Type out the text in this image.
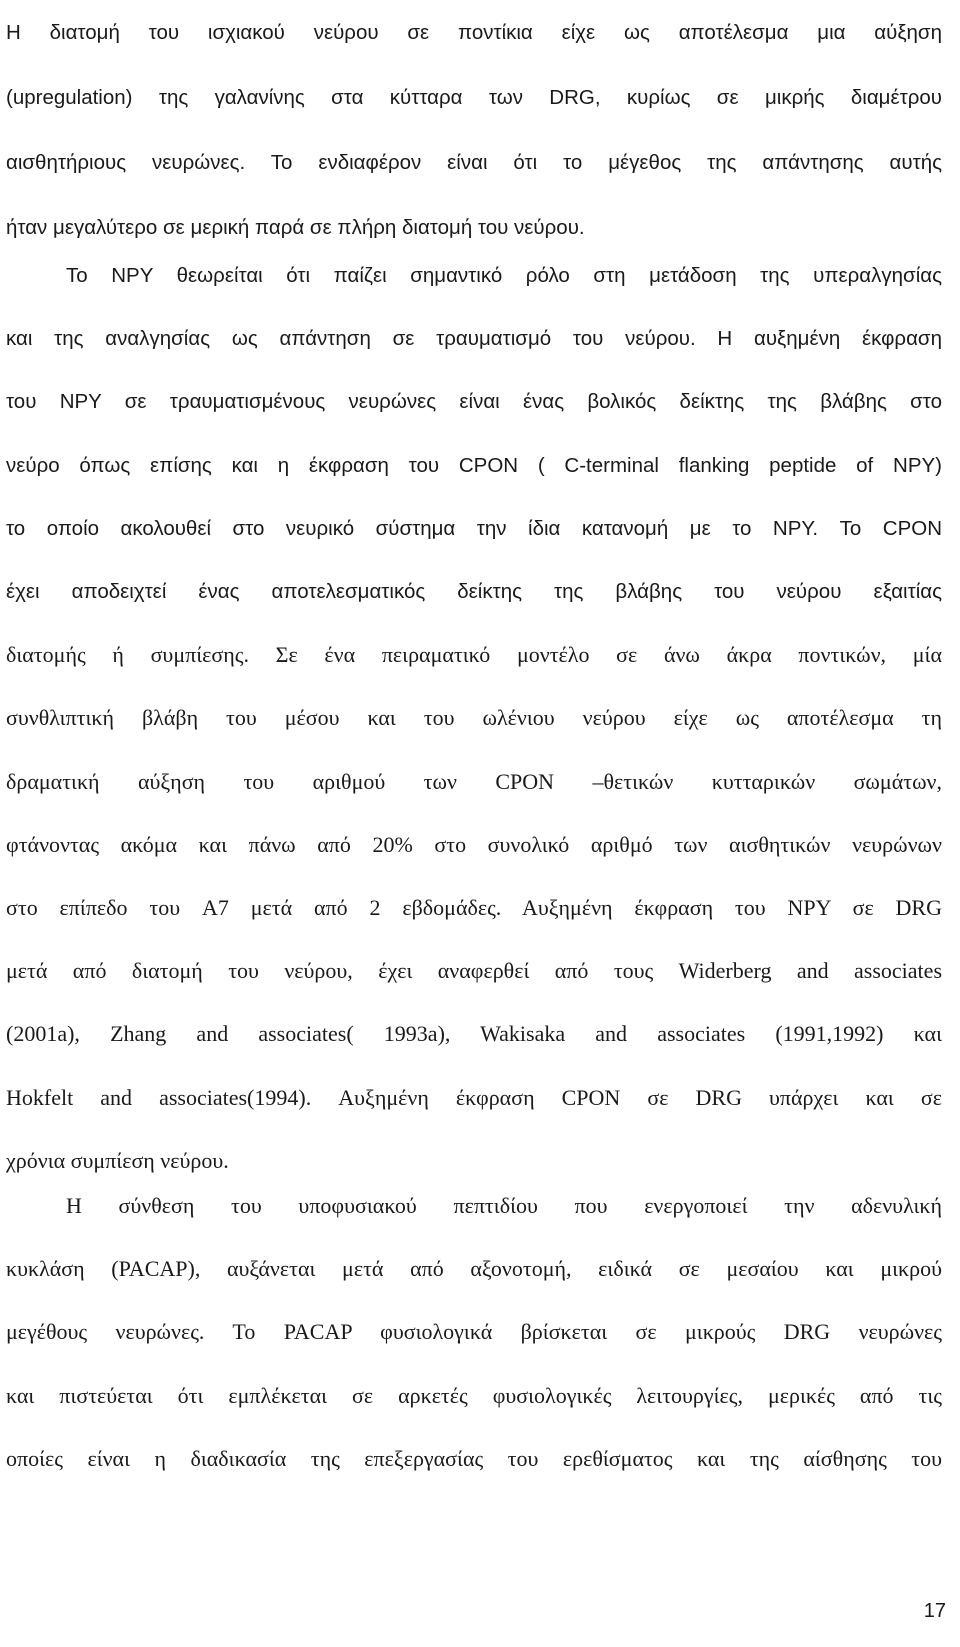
Η διατομή του ισχιακού νεύρου σε ποντίκια είχε ως αποτέλεσμα μια αύξηση
(upregulation) της γαλανίνης στα κύτταρα των DRG, κυρίως σε μικρής διαμέτρου
αισθητήριους νευρώνες. Το ενδιαφέρον είναι ότι το μέγεθος της απάντησης αυτής
ήταν μεγαλύτερο σε μερική παρά σε πλήρη διατομή του νεύρου.
Το NPY θεωρείται ότι παίζει σημαντικό ρόλο στη μετάδοση της υπεραλγησίας
και της αναλγησίας ως απάντηση σε τραυματισμό του νεύρου. Η αυξημένη έκφραση
του NPY σε τραυματισμένους νευρώνες είναι ένας βολικός δείκτης της βλάβης στο
νεύρο όπως επίσης και η έκφραση του CPON ( C-terminal flanking peptide of NPY)
το οποίο ακολουθεί στο νευρικό σύστημα την ίδια κατανομή με το NPY. Το CPON
έχει αποδειχτεί ένας αποτελεσματικός δείκτης της βλάβης του νεύρου εξαιτίας
διατομής ή συμπίεσης. Σε ένα πειραματικό μοντέλο σε άνω άκρα ποντικών, μία
συνθλιπτική βλάβη του μέσου και του ωλένιου νεύρου είχε ως αποτέλεσμα τη
δραματική αύξηση του αριθμού των CPON –θετικών κυτταρικών σωμάτων,
φτάνοντας ακόμα και πάνω από 20% στο συνολικό αριθμό των αισθητικών νευρώνων
στο επίπεδο του A7 μετά από 2 εβδομάδες. Αυξημένη έκφραση του NPY σε DRG
μετά από διατομή του νεύρου, έχει αναφερθεί από τους Widerberg and associates
(2001a), Zhang and associates( 1993a), Wakisaka and associates (1991,1992) και
Hokfelt and associates(1994). Αυξημένη έκφραση CPON σε DRG υπάρχει και σε
χρόνια συμπίεση νεύρου.
Η σύνθεση του υποφυσιακού πεπτιδίου που ενεργοποιεί την αδενυλική
κυκλάση (PACAP), αυξάνεται μετά από αξονοτομή, ειδικά σε μεσαίου και μικρού
μεγέθους νευρώνες. Το PACAP φυσιολογικά βρίσκεται σε μικρούς DRG νευρώνες
και πιστεύεται ότι εμπλέκεται σε αρκετές φυσιολογικές λειτουργίες, μερικές από τις
οποίες είναι η διαδικασία της επεξεργασίας του ερεθίσματος και της αίσθησης του
17
